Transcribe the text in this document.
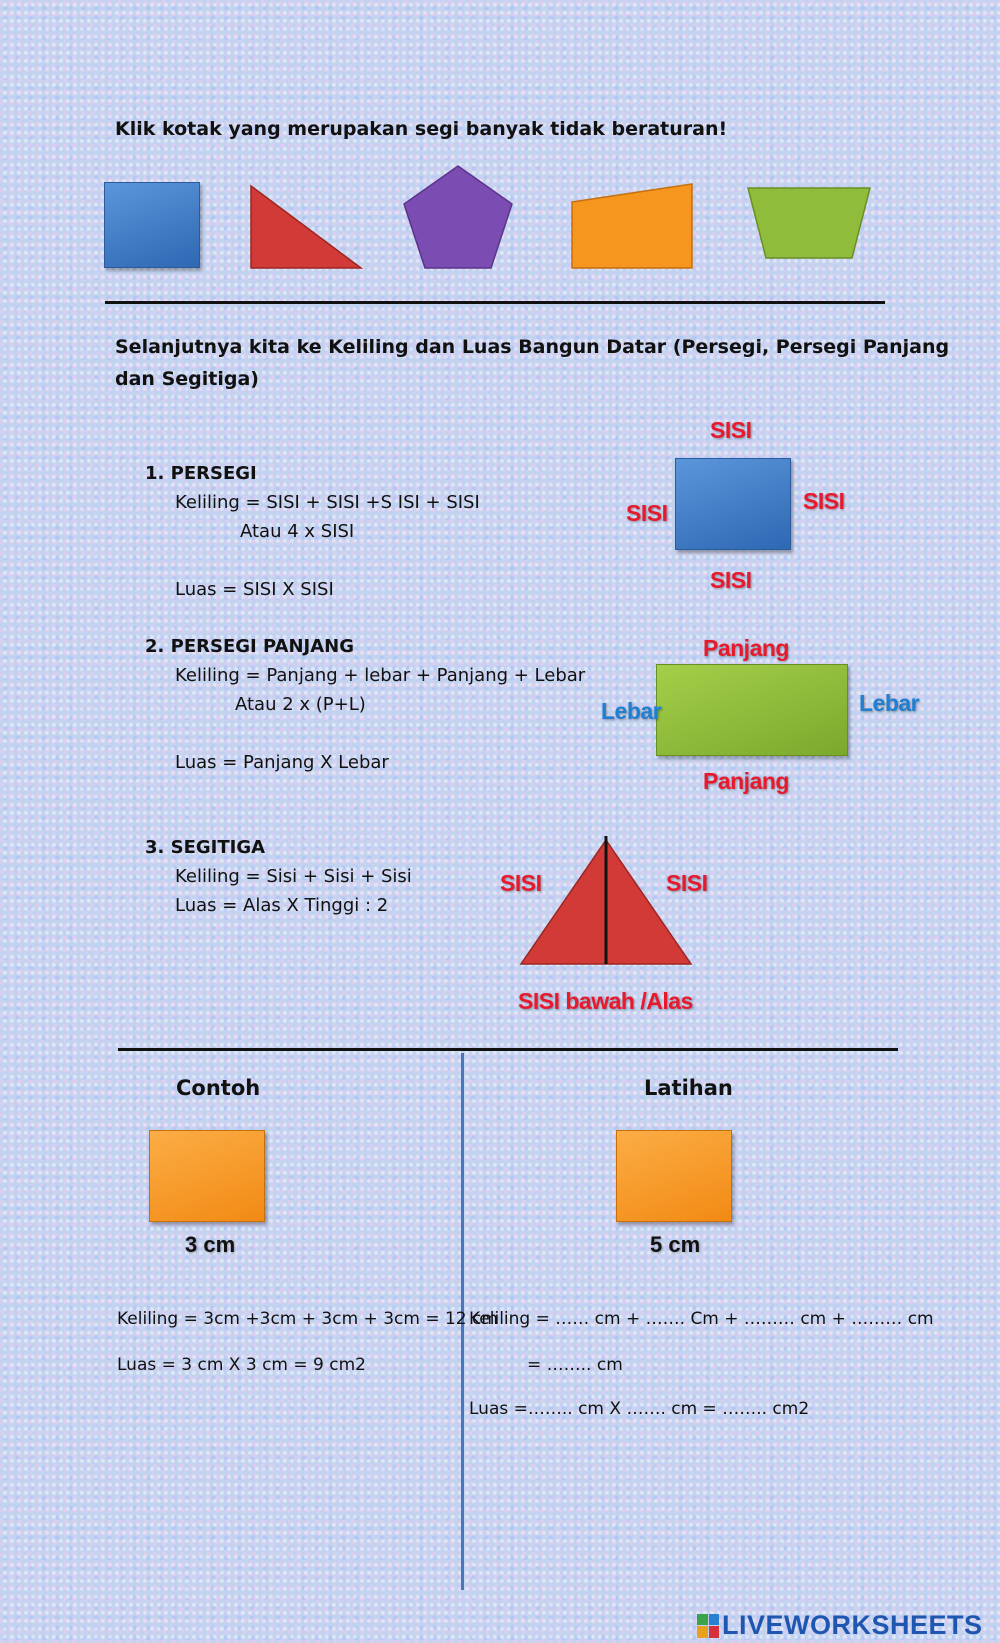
Klik kotak yang merupakan segi banyak tidak beraturan!
Selanjutnya kita ke Keliling dan Luas Bangun Datar (Persegi, Persegi Panjang
dan Segitiga)
1. PERSEGI
Keliling = SISI + SISI +S ISI + SISI
Atau 4 x SISI
Luas = SISI X SISI
SISI
SISI	SISI
SISI
2. PERSEGI PANJANG
Keliling = Panjang + lebar + Panjang + Lebar
Atau 2 x (P+L)
Luas = Panjang X Lebar
Panjang
Lebar	Lebar
Panjang
3. SEGITIGA
Keliling = Sisi + Sisi + Sisi
Luas = Alas X Tinggi : 2
SISI	SISI
SISI bawah /Alas
Contoh
3 cm
Keliling = 3cm +3cm + 3cm + 3cm = 12 cm
Luas = 3 cm X 3 cm = 9 cm2
Latihan
5 cm
Keliling = …… cm + ……. Cm + ……… cm + ……… cm
= …….. cm
Luas =…….. cm X ……. cm = …….. cm2
LIVEWORKSHEETS
